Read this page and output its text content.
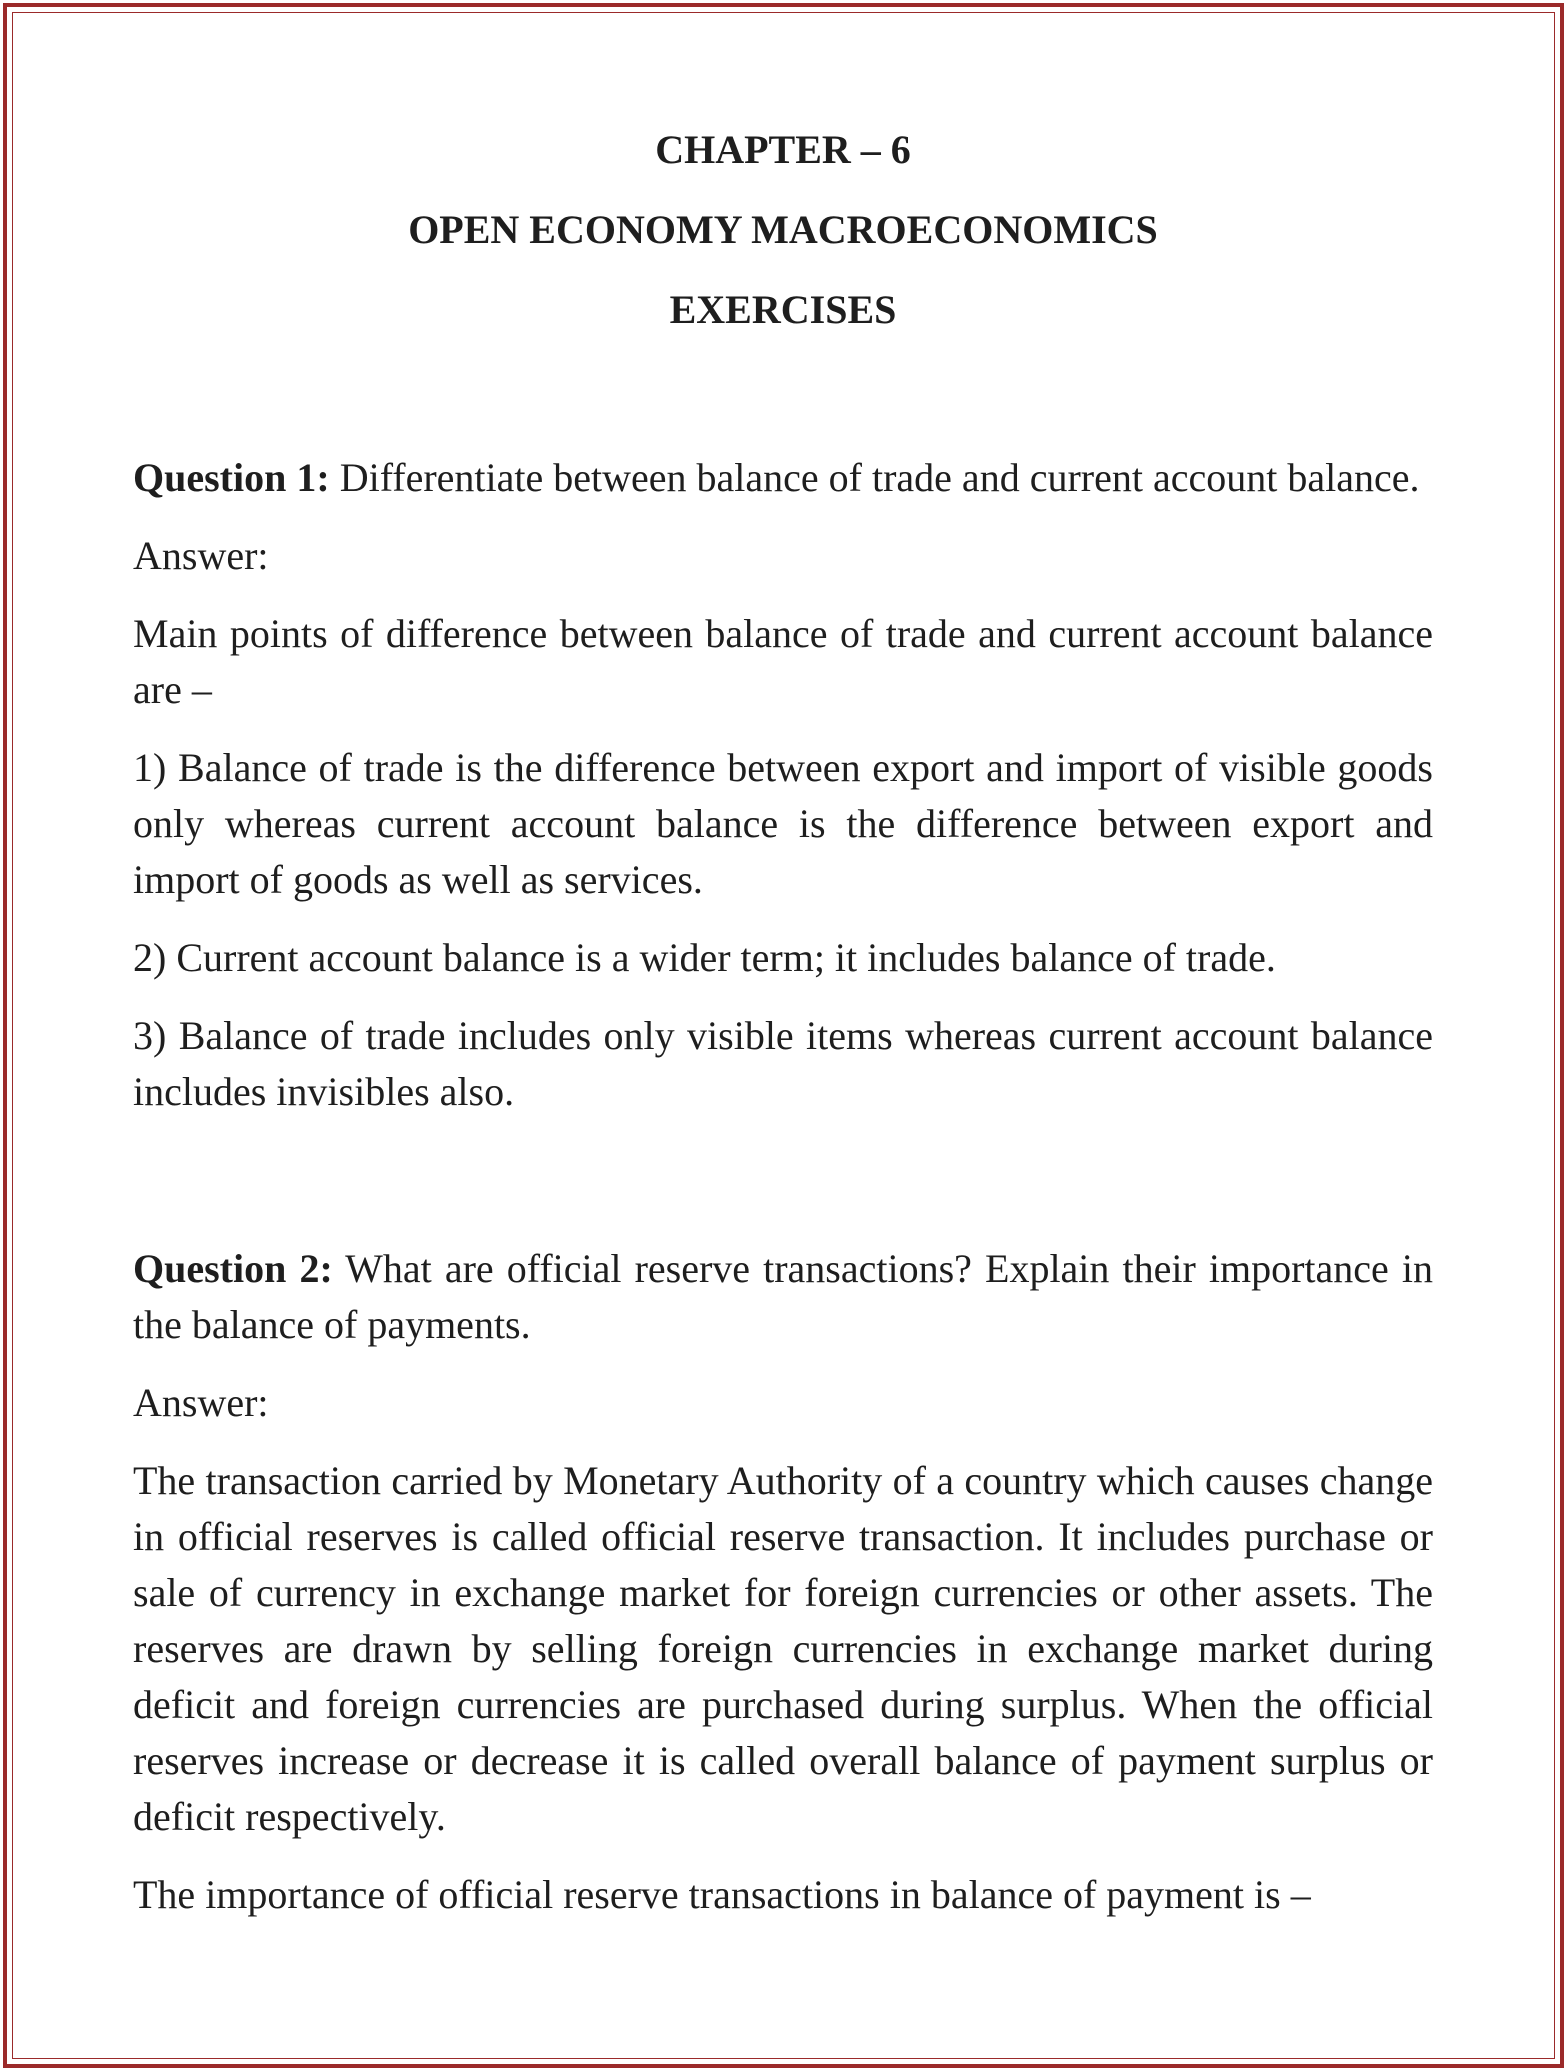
CHAPTER – 6
OPEN ECONOMY MACROECONOMICS
EXERCISES

Question 1: Differentiate between balance of trade and current account balance.

Answer:

Main points of difference between balance of trade and current account balance are –

1) Balance of trade is the difference between export and import of visible goods only whereas current account balance is the difference between export and import of goods as well as services.

2) Current account balance is a wider term; it includes balance of trade.

3) Balance of trade includes only visible items whereas current account balance includes invisibles also.

Question 2: What are official reserve transactions? Explain their importance in the balance of payments.

Answer:

The transaction carried by Monetary Authority of a country which causes change in official reserves is called official reserve transaction. It includes purchase or sale of currency in exchange market for foreign currencies or other assets. The reserves are drawn by selling foreign currencies in exchange market during deficit and foreign currencies are purchased during surplus. When the official reserves increase or decrease it is called overall balance of payment surplus or deficit respectively.

The importance of official reserve transactions in balance of payment is –
